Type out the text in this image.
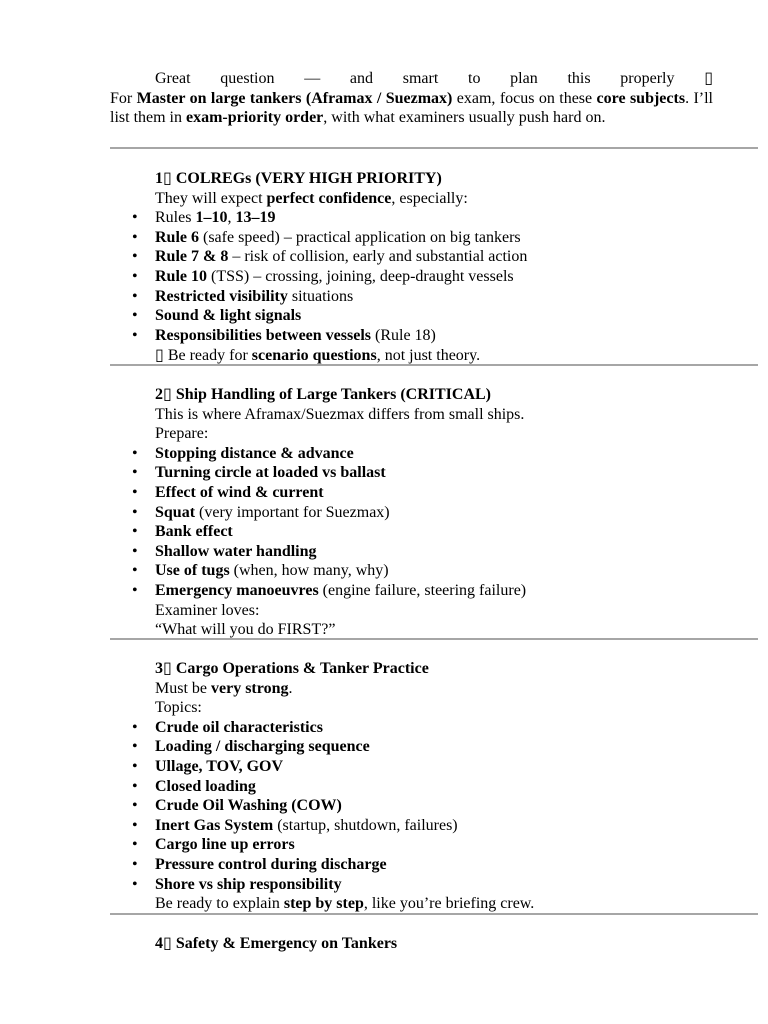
Great question — and smart to plan this properly ▯
For Master on large tankers (Aframax / Suezmax) exam, focus on these core subjects. I’ll list them in exam-priority order, with what examiners usually push hard on.
1▯ COLREGs (VERY HIGH PRIORITY)

They will expect perfect confidence, especially:

• Rules 1–10, 13–19
• Rule 6 (safe speed) – practical application on big tankers
• Rule 7 & 8 – risk of collision, early and substantial action
• Rule 10 (TSS) – crossing, joining, deep-draught vessels
• Restricted visibility situations
• Sound & light signals
• Responsibilities between vessels (Rule 18)

▯ Be ready for scenario questions, not just theory.

2▯ Ship Handling of Large Tankers (CRITICAL)

This is where Aframax/Suezmax differs from small ships.

Prepare:

• Stopping distance & advance
• Turning circle at loaded vs ballast
• Effect of wind & current
• Squat (very important for Suezmax)
• Bank effect
• Shallow water handling
• Use of tugs (when, how many, why)
• Emergency manoeuvres (engine failure, steering failure)

Examiner loves:

“What will you do FIRST?”

3▯ Cargo Operations & Tanker Practice

Must be very strong.

Topics:

• Crude oil characteristics
• Loading / discharging sequence
• Ullage, TOV, GOV
• Closed loading
• Crude Oil Washing (COW)
• Inert Gas System (startup, shutdown, failures)
• Cargo line up errors
• Pressure control during discharge
• Shore vs ship responsibility

Be ready to explain step by step, like you’re briefing crew.

4▯ Safety & Emergency on Tankers
